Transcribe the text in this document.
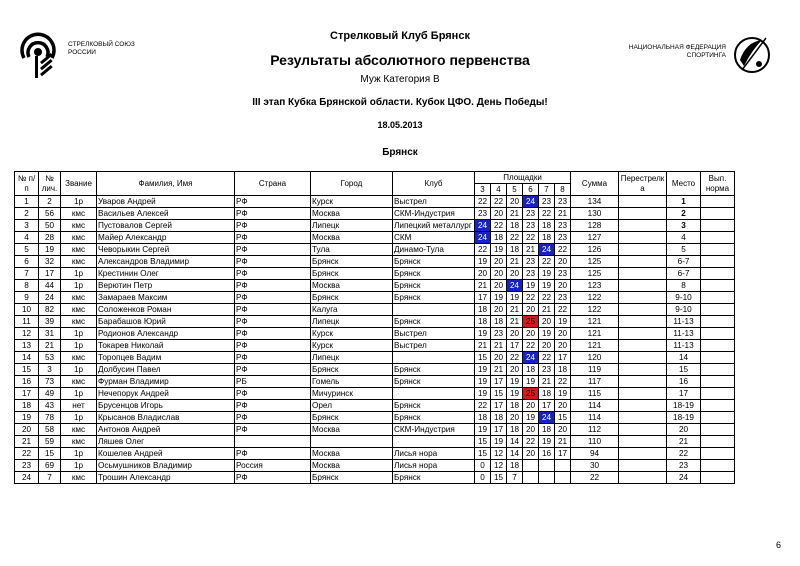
СТРЕЛКОВЫЙ СОЮЗ
РОССИИ
НАЦИОНАЛЬНАЯ ФЕДЕРАЦИЯ
СПОРТИНГА
Стрелковый Клуб Брянск
Результаты абсолютного первенства
Муж Категория В
III этап Кубка Брянской области. Кубок ЦФО. День Победы!
18.05.2013
Брянск
№ п/п	№ лич.	Звание	Фамилия, Имя	Страна	Город	Клуб	Площадки						Сумма	Перестрелка	Место	Вып. норма
							3	4	5	6	7	8				
1	2	1р	Уваров Андрей	РФ	Курск	Выстрел	22	22	20	24	23	23	134		1	
2	56	кмс	Васильев Алексей	РФ	Москва	СКМ-Индустрия	23	20	21	23	22	21	130		2	
3	50	кмс	Пустовалов Сергей	РФ	Липецк	Липецкий металлург	24	22	18	23	18	23	128		3	
4	28	кмс	Майер Александр	РФ	Москва	СКМ	24	18	22	22	18	23	127		4	
5	19	кмс	Чеворыкин Сергей	РФ	Тула	Динамо-Тула	22	19	18	21	24	22	126		5	
6	32	кмс	Александров Владимир	РФ	Брянск	Брянск	19	20	21	23	22	20	125		6-7	
7	17	1р	Крестинин Олег	РФ	Брянск	Брянск	20	20	20	23	19	23	125		6-7	
8	44	1р	Верютин Петр	РФ	Москва	Брянск	21	20	24	19	19	20	123		8	
9	24	кмс	Замараев Максим	РФ	Брянск	Брянск	17	19	19	22	22	23	122		9-10	
10	82	кмс	Соложенков Роман	РФ	Калуга		18	20	21	20	21	22	122		9-10	
11	39	кмс	Барабашов Юрий	РФ	Липецк	Брянск	18	18	21	25	20	19	121		11-13	
12	31	1р	Родионов Александр	РФ	Курск	Выстрел	19	23	20	20	19	20	121		11-13	
13	21	1р	Токарев Николай	РФ	Курск	Выстрел	21	21	17	22	20	20	121		11-13	
14	53	кмс	Торопцев Вадим	РФ	Липецк		15	20	22	24	22	17	120		14	
15	3	1р	Долбусин Павел	РФ	Брянск	Брянск	19	21	20	18	23	18	119		15	
16	73	кмс	Фурман Владимир	РБ	Гомель	Брянск	19	17	19	19	21	22	117		16	
17	49	1р	Нечепорук Андрей	РФ	Мичуринск		19	15	19	25	18	19	115		17	
18	43	нет	Брусенцов Игорь	РФ	Орел	Брянск	22	17	18	20	17	20	114		18-19	
19	78	1р	Крысанов Владислав	РФ	Брянск	Брянск	18	18	20	19	24	15	114		18-19	
20	58	кмс	Антонов Андрей	РФ	Москва	СКМ-Индустрия	19	17	18	20	18	20	112		20	
21	59	кмс	Ляшев Олег				15	19	14	22	19	21	110		21	
22	15	1р	Кошелев Андрей	РФ	Москва	Лисья нора	15	12	14	20	16	17	94		22	
23	69	1р	Осьмушников Владимир	Россия	Москва	Лисья нора	0	12	18				30		23	
24	7	кмс	Трошин Александр	РФ	Брянск	Брянск	0	15	7				22		24	
6
